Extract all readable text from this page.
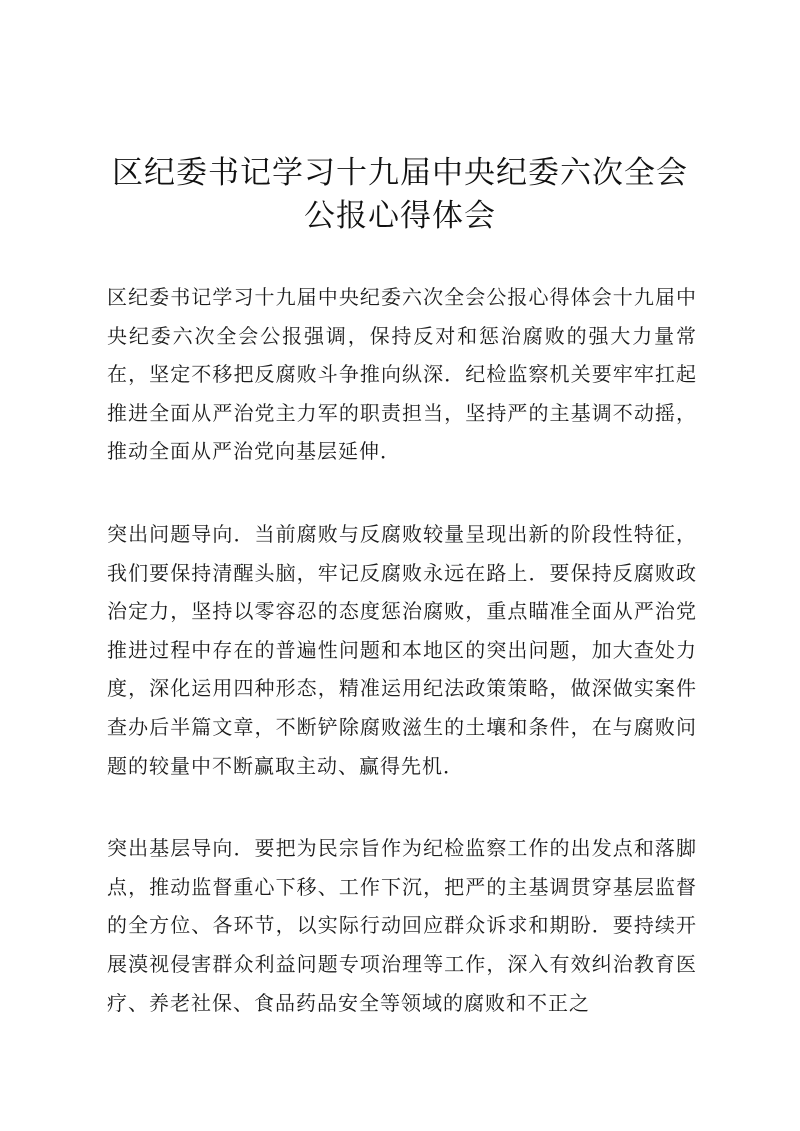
区纪委书记学习十九届中央纪委六次全会公报心得体会

区纪委书记学习十九届中央纪委六次全会公报心得体会十九届中央纪委六次全会公报强调，保持反对和惩治腐败的强大力量常在，坚定不移把反腐败斗争推向纵深．纪检监察机关要牢牢扛起推进全面从严治党主力军的职责担当，坚持严的主基调不动摇，推动全面从严治党向基层延伸．

突出问题导向．当前腐败与反腐败较量呈现出新的阶段性特征，我们要保持清醒头脑，牢记反腐败永远在路上．要保持反腐败政治定力，坚持以零容忍的态度惩治腐败，重点瞄准全面从严治党推进过程中存在的普遍性问题和本地区的突出问题，加大查处力度，深化运用四种形态，精准运用纪法政策策略，做深做实案件查办后半篇文章，不断铲除腐败滋生的土壤和条件，在与腐败问题的较量中不断赢取主动、赢得先机．

突出基层导向．要把为民宗旨作为纪检监察工作的出发点和落脚点，推动监督重心下移、工作下沉，把严的主基调贯穿基层监督的全方位、各环节，以实际行动回应群众诉求和期盼．要持续开展漠视侵害群众利益问题专项治理等工作，深入有效纠治教育医疗、养老社保、食品药品安全等领域的腐败和不正之
